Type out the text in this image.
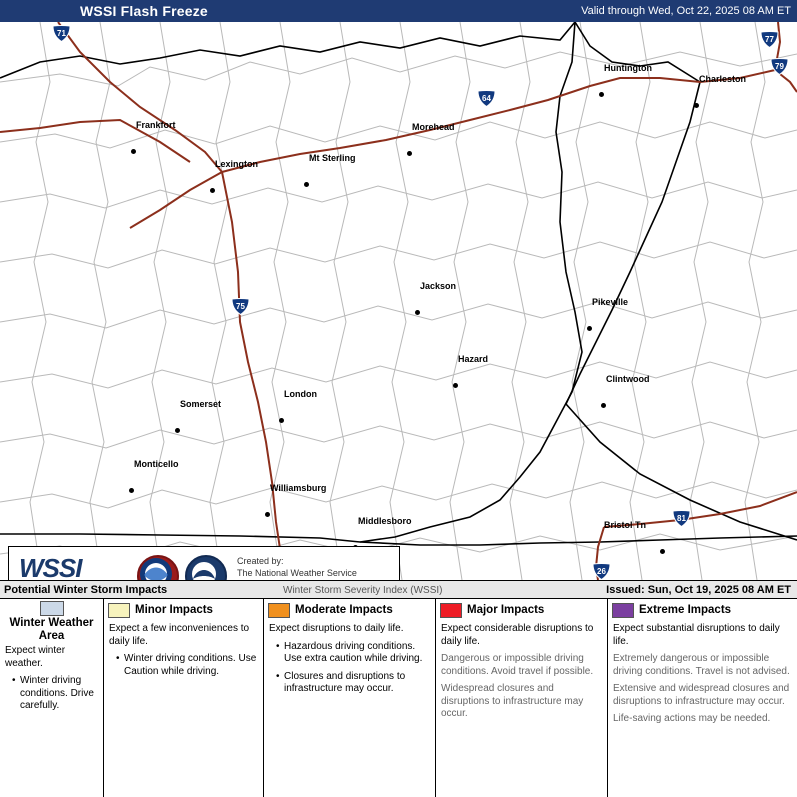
WSSI Flash Freeze	Valid through Wed, Oct 22, 2025 08 AM ET
Frankfort
Lexington
Mt Sterling
Morehead
Huntington
Charleston
Jackson
Pikeville
Hazard
Clintwood
Somerset
London
Monticello
Williamsburg
Middlesboro	Bristol Tn
71
77
79
64
75
81
26
WSSI	Created by:
The National Weather Service
Potential Winter Storm Impacts	Winter Storm Severity Index (WSSI)	Issued: Sun, Oct 19, 2025 08 AM ET
Winter Weather Area

Expect winter weather.

• Winter driving conditions. Drive carefully.
Minor Impacts

Expect a few inconveniences to daily life.

• Winter driving conditions. Use Caution while driving.
Moderate Impacts

Expect disruptions to daily life.

• Hazardous driving conditions. Use extra caution while driving.
• Closures and disruptions to infrastructure may occur.
Major Impacts

Expect considerable disruptions to daily life.

Dangerous or impossible driving conditions. Avoid travel if possible.

Widespread closures and disruptions to infrastructure may occur.

Extreme Impacts

Expect substantial disruptions to daily life.

Extremely dangerous or impossible driving conditions. Travel is not advised.

Extensive and widespread closures and disruptions to infrastructure may occur.

Life-saving actions may be needed.
